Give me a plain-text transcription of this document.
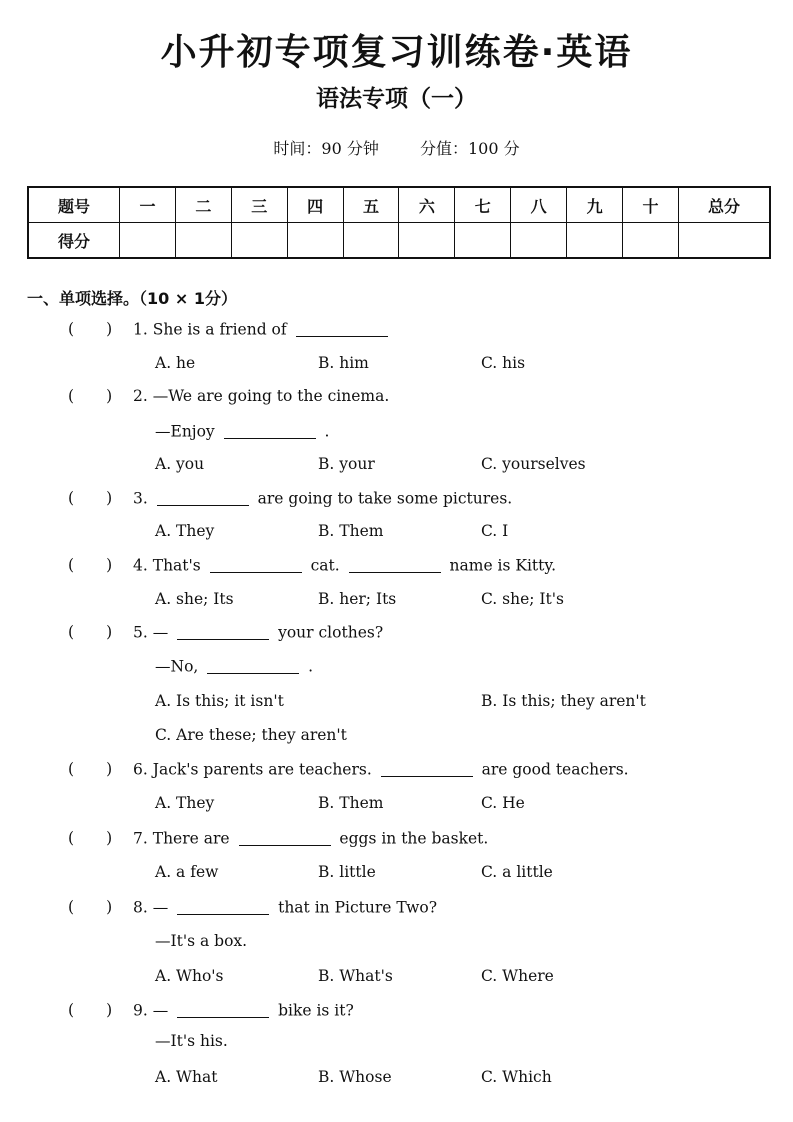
小升初专项复习训练卷·英语
语法专项（一）
时间：90 分钟	分值：100 分
题号	一	二	三	四	五	六	七	八	九	十	总分
得分											
一、单项选择。（10 × 1分）
( ) 1. She is a friend of
A. he	B. him	C. his
( ) 2. —We are going to the cinema.
—Enjoy	.
A. you	B. your	C. yourselves
( ) 3.	are going to take some pictures.
A. They	B. Them	C. I
( ) 4. That's	cat.	name is Kitty.
A. she; Its	B. her; Its	C. she; It's
( ) 5. —	your clothes?
—No,	.
A. Is this; it isn't	B. Is this; they aren't
C. Are these; they aren't
( ) 6. Jack's parents are teachers.	are good teachers.
A. They	B. Them	C. He
( ) 7. There are	eggs in the basket.
A. a few	B. little	C. a little
( ) 8. —	that in Picture Two?
—It's a box.
A. Who's	B. What's	C. Where
( ) 9. —	bike is it?
—It's his.
A. What	B. Whose	C. Which
